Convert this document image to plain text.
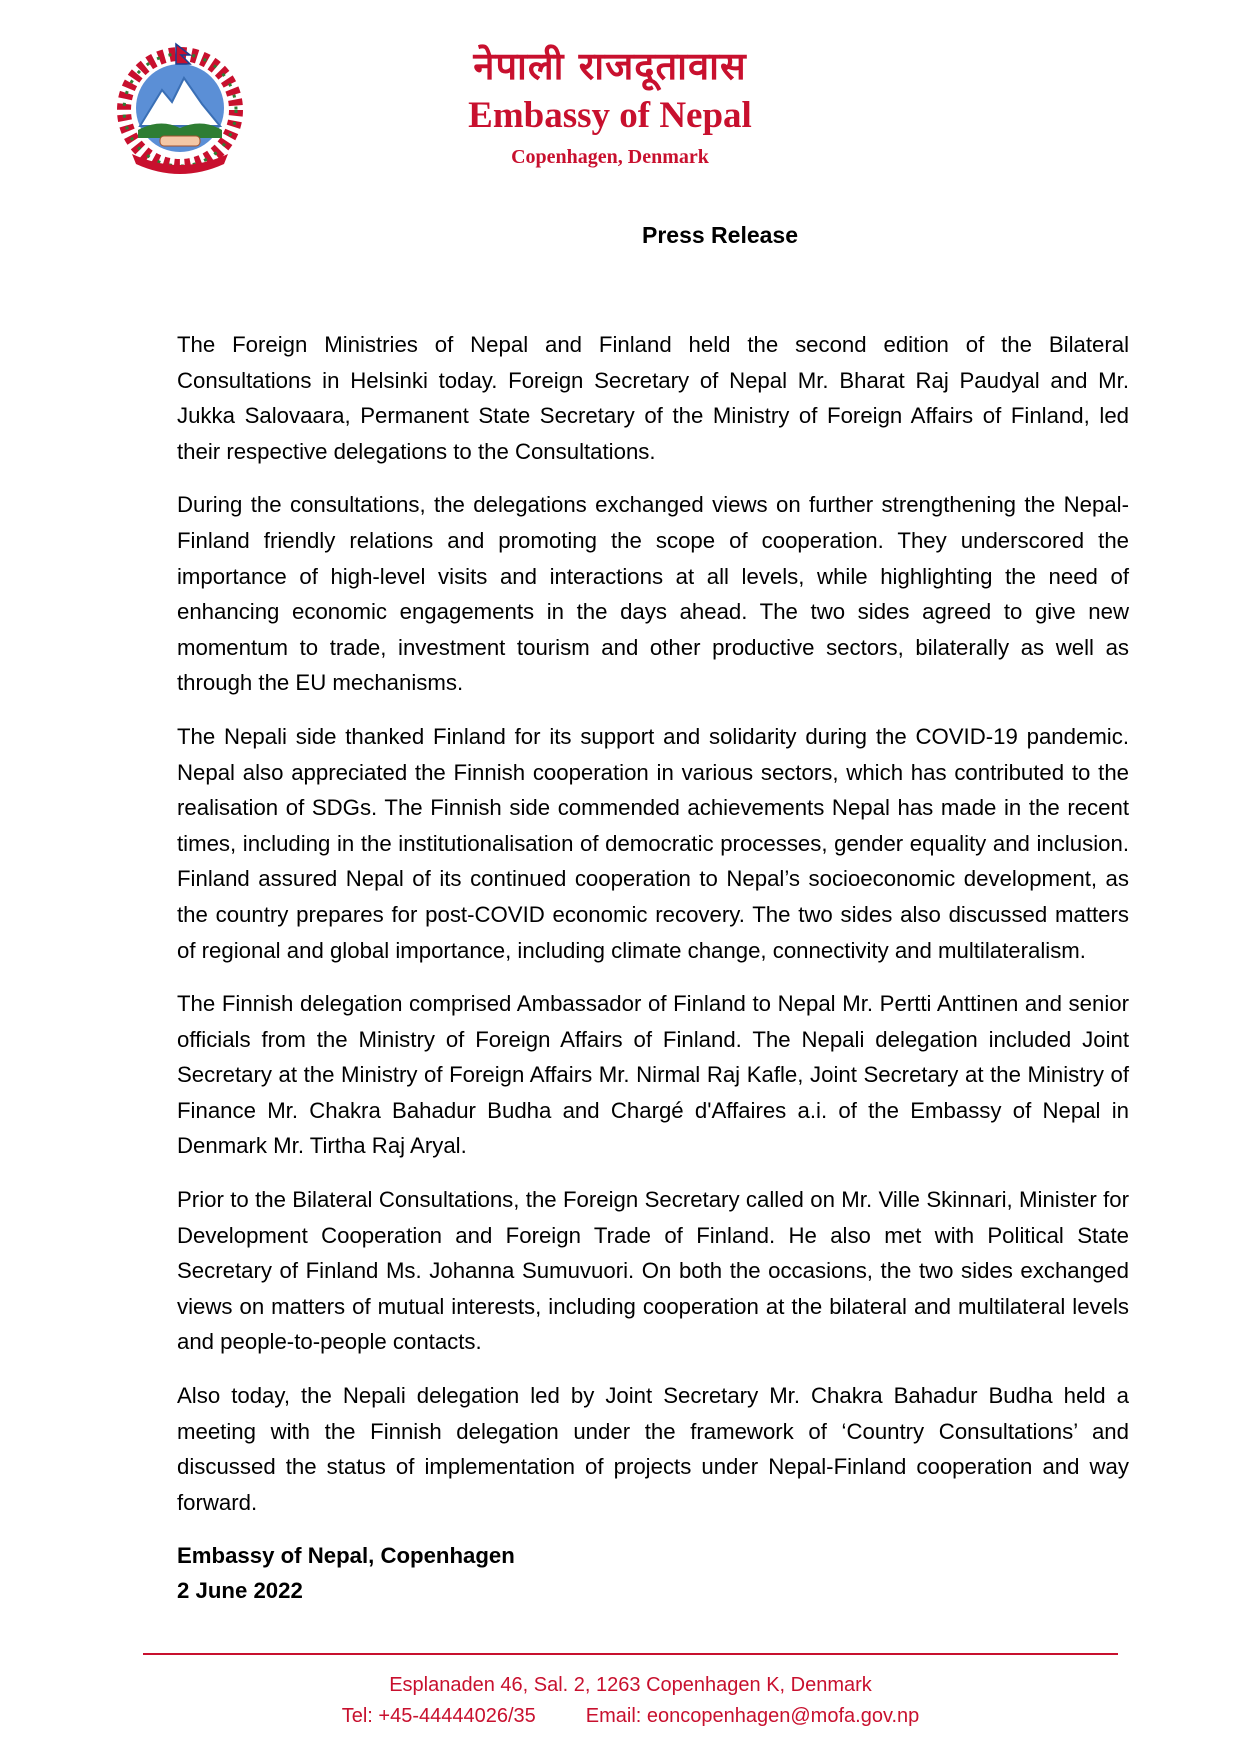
नेपाली राजदूतावास
Embassy of Nepal
Copenhagen, Denmark
Press Release

The Foreign Ministries of Nepal and Finland held the second edition of the Bilateral Consultations in Helsinki today. Foreign Secretary of Nepal Mr. Bharat Raj Paudyal and Mr. Jukka Salovaara, Permanent State Secretary of the Ministry of Foreign Affairs of Finland, led their respective delegations to the Consultations.

During the consultations, the delegations exchanged views on further strengthening the Nepal-Finland friendly relations and promoting the scope of cooperation. They underscored the importance of high-level visits and interactions at all levels, while highlighting the need of enhancing economic engagements in the days ahead. The two sides agreed to give new momentum to trade, investment tourism and other productive sectors, bilaterally as well as through the EU mechanisms.

The Nepali side thanked Finland for its support and solidarity during the COVID-19 pandemic. Nepal also appreciated the Finnish cooperation in various sectors, which has contributed to the realisation of SDGs. The Finnish side commended achievements Nepal has made in the recent times, including in the institutionalisation of democratic processes, gender equality and inclusion. Finland assured Nepal of its continued cooperation to Nepal’s socioeconomic development, as the country prepares for post-COVID economic recovery. The two sides also discussed matters of regional and global importance, including climate change, connectivity and multilateralism.

The Finnish delegation comprised Ambassador of Finland to Nepal Mr. Pertti Anttinen and senior officials from the Ministry of Foreign Affairs of Finland. The Nepali delegation included Joint Secretary at the Ministry of Foreign Affairs Mr. Nirmal Raj Kafle, Joint Secretary at the Ministry of Finance Mr. Chakra Bahadur Budha and Chargé d'Affaires a.i. of the Embassy of Nepal in Denmark Mr. Tirtha Raj Aryal.

Prior to the Bilateral Consultations, the Foreign Secretary called on Mr. Ville Skinnari, Minister for Development Cooperation and Foreign Trade of Finland. He also met with Political State Secretary of Finland Ms. Johanna Sumuvuori. On both the occasions, the two sides exchanged views on matters of mutual interests, including cooperation at the bilateral and multilateral levels and people-to-people contacts.

Also today, the Nepali delegation led by Joint Secretary Mr. Chakra Bahadur Budha held a meeting with the Finnish delegation under the framework of ‘Country Consultations’ and discussed the status of implementation of projects under Nepal-Finland cooperation and way forward.

Embassy of Nepal, Copenhagen
2 June 2022
Esplanaden 46, Sal. 2, 1263 Copenhagen K, Denmark
Tel: +45-44444026/35	Email: eoncopenhagen@mofa.gov.np
